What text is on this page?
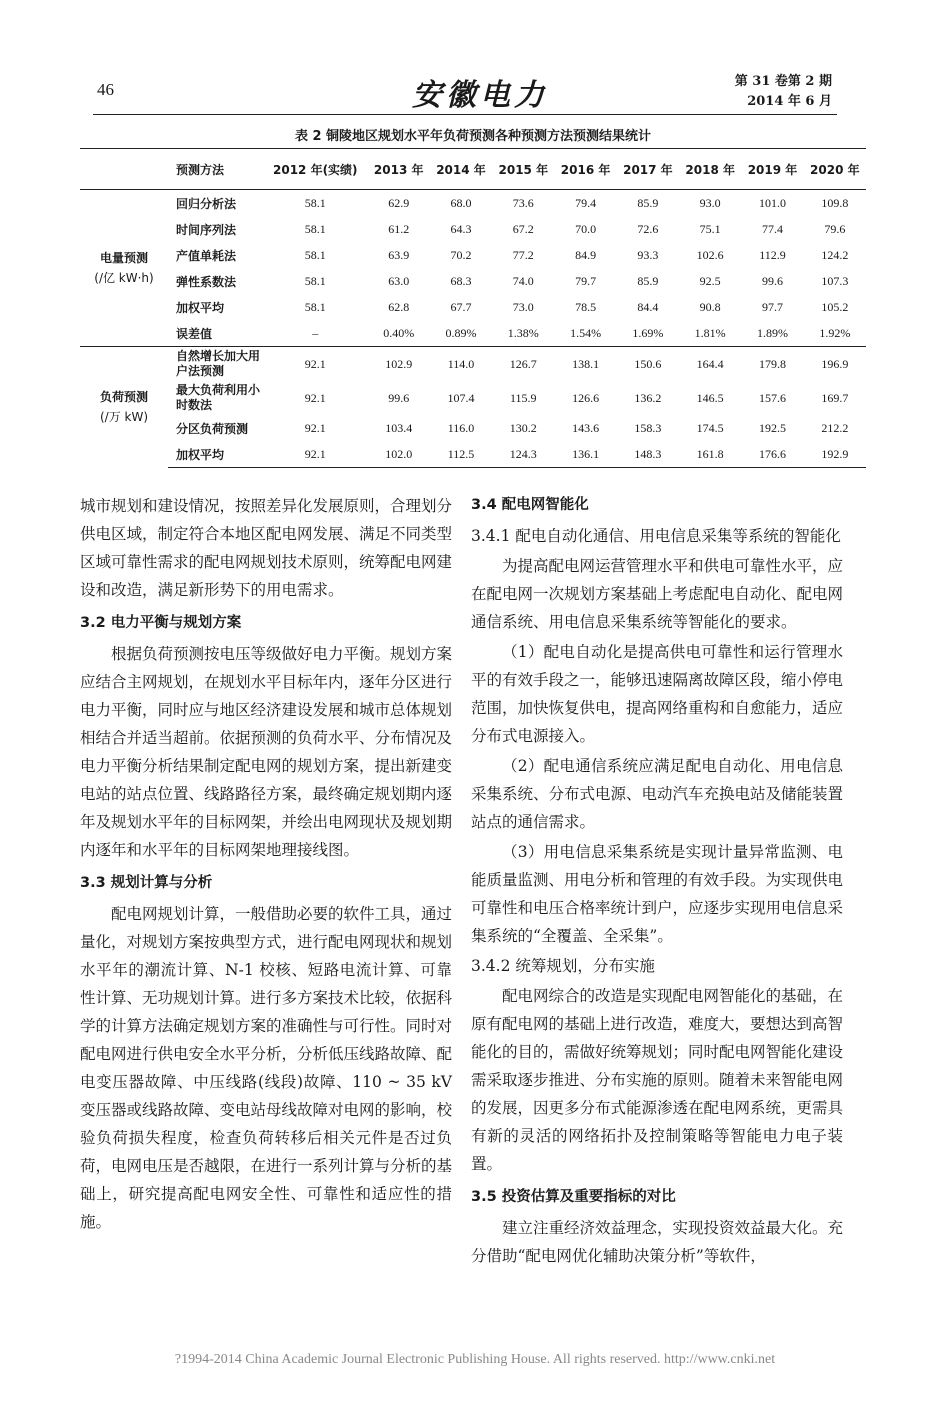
46	安徽电力	第 31 卷第 2 期
2014 年 6 月
表 2 铜陵地区规划水平年负荷预测各种预测方法预测结果统计
	预测方法	2012 年(实绩)	2013 年	2014 年	2015 年	2016 年	2017 年	2018 年	2019 年	2020 年

电量预测
(/亿 kW·h)	回归分析法	58.1	62.9	68.0	73.6	79.4	85.9	93.0	101.0	109.8
	时间序列法	58.1	61.2	64.3	67.2	70.0	72.6	75.1	77.4	79.6
	产值单耗法	58.1	63.9	70.2	77.2	84.9	93.3	102.6	112.9	124.2
	弹性系数法	58.1	63.0	68.3	74.0	79.7	85.9	92.5	99.6	107.3
	加权平均	58.1	62.8	67.7	73.0	78.5	84.4	90.8	97.7	105.2
	误差值	–	0.40%	0.89%	1.38%	1.54%	1.69%	1.81%	1.89%	1.92%

负荷预测
(/万 kW)	自然增长加大用户法预测	92.1	102.9	114.0	126.7	138.1	150.6	164.4	179.8	196.9
	最大负荷利用小时数法	92.1	99.6	107.4	115.9	126.6	136.2	146.5	157.6	169.7
	分区负荷预测	92.1	103.4	116.0	130.2	143.6	158.3	174.5	192.5	212.2
	加权平均	92.1	102.0	112.5	124.3	136.1	148.3	161.8	176.6	192.9

城市规划和建设情况，按照差异化发展原则，合理划分供电区域，制定符合本地区配电网发展、满足不同类型区域可靠性需求的配电网规划技术原则，统筹配电网建设和改造，满足新形势下的用电需求。

3.2 电力平衡与规划方案

根据负荷预测按电压等级做好电力平衡。规划方案应结合主网规划，在规划水平目标年内，逐年分区进行电力平衡，同时应与地区经济建设发展和城市总体规划相结合并适当超前。依据预测的负荷水平、分布情况及电力平衡分析结果制定配电网的规划方案，提出新建变电站的站点位置、线路路径方案，最终确定规划期内逐年及规划水平年的目标网架，并绘出电网现状及规划期内逐年和水平年的目标网架地理接线图。

3.3 规划计算与分析

配电网规划计算，一般借助必要的软件工具，通过量化，对规划方案按典型方式，进行配电网现状和规划水平年的潮流计算、N-1 校核、短路电流计算、可靠性计算、无功规划计算。进行多方案技术比较，依据科学的计算方法确定规划方案的准确性与可行性。同时对配电网进行供电安全水平分析，分析低压线路故障、配电变压器故障、中压线路(线段)故障、110 ~ 35 kV 变压器或线路故障、变电站母线故障对电网的影响，校验负荷损失程度，检查负荷转移后相关元件是否过负荷，电网电压是否越限，在进行一系列计算与分析的基础上，研究提高配电网安全性、可靠性和适应性的措施。

3.4 配电网智能化
3.4.1 配电自动化通信、用电信息采集等系统的智能化

为提高配电网运营管理水平和供电可靠性水平，应在配电网一次规划方案基础上考虑配电自动化、配电网通信系统、用电信息采集系统等智能化的要求。

（1）配电自动化是提高供电可靠性和运行管理水平的有效手段之一，能够迅速隔离故障区段，缩小停电范围，加快恢复供电，提高网络重构和自愈能力，适应分布式电源接入。

（2）配电通信系统应满足配电自动化、用电信息采集系统、分布式电源、电动汽车充换电站及储能装置站点的通信需求。

（3）用电信息采集系统是实现计量异常监测、电能质量监测、用电分析和管理的有效手段。为实现供电可靠性和电压合格率统计到户，应逐步实现用电信息采集系统的“全覆盖、全采集”。

3.4.2 统筹规划，分布实施

配电网综合的改造是实现配电网智能化的基础，在原有配电网的基础上进行改造，难度大，要想达到高智能化的目的，需做好统筹规划；同时配电网智能化建设需采取逐步推进、分布实施的原则。随着未来智能电网的发展，因更多分布式能源渗透在配电网系统，更需具有新的灵活的网络拓扑及控制策略等智能电力电子装置。

3.5 投资估算及重要指标的对比

建立注重经济效益理念，实现投资效益最大化。充分借助“配电网优化辅助决策分析”等软件，

?1994-2014 China Academic Journal Electronic Publishing House. All rights reserved. http://www.cnki.net
